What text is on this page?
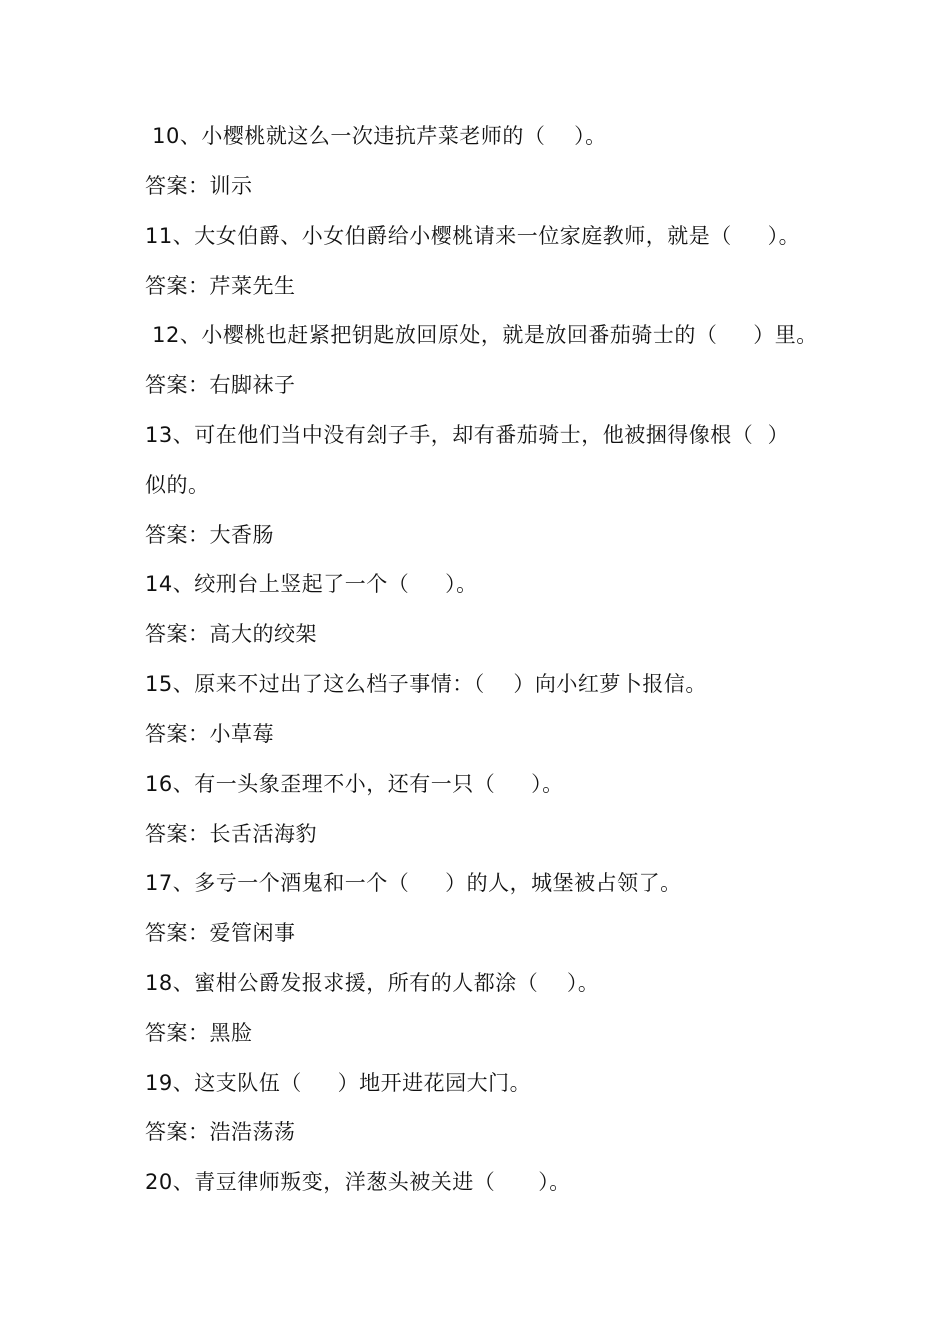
10、小樱桃就这么一次违抗芹菜老师的（    ）。
答案：训示
11、大女伯爵、小女伯爵给小樱桃请来一位家庭教师，就是（     ）。
答案：芹菜先生
12、小樱桃也赶紧把钥匙放回原处，就是放回番茄骑士的（     ）里。
答案：右脚袜子
13、可在他们当中没有刽子手，却有番茄骑士，他被捆得像根（  ）
似的。
答案：大香肠
14、绞刑台上竖起了一个（     ）。
答案：高大的绞架
15、原来不过出了这么档子事情：（    ）向小红萝卜报信。
答案：小草莓
16、有一头象歪理不小，还有一只（     ）。
答案：长舌活海豹
17、多亏一个酒鬼和一个（     ）的人，城堡被占领了。
答案：爱管闲事
18、蜜柑公爵发报求援，所有的人都涂（    ）。
答案：黑脸
19、这支队伍（     ）地开进花园大门。
答案：浩浩荡荡
20、青豆律师叛变，洋葱头被关进（      ）。
